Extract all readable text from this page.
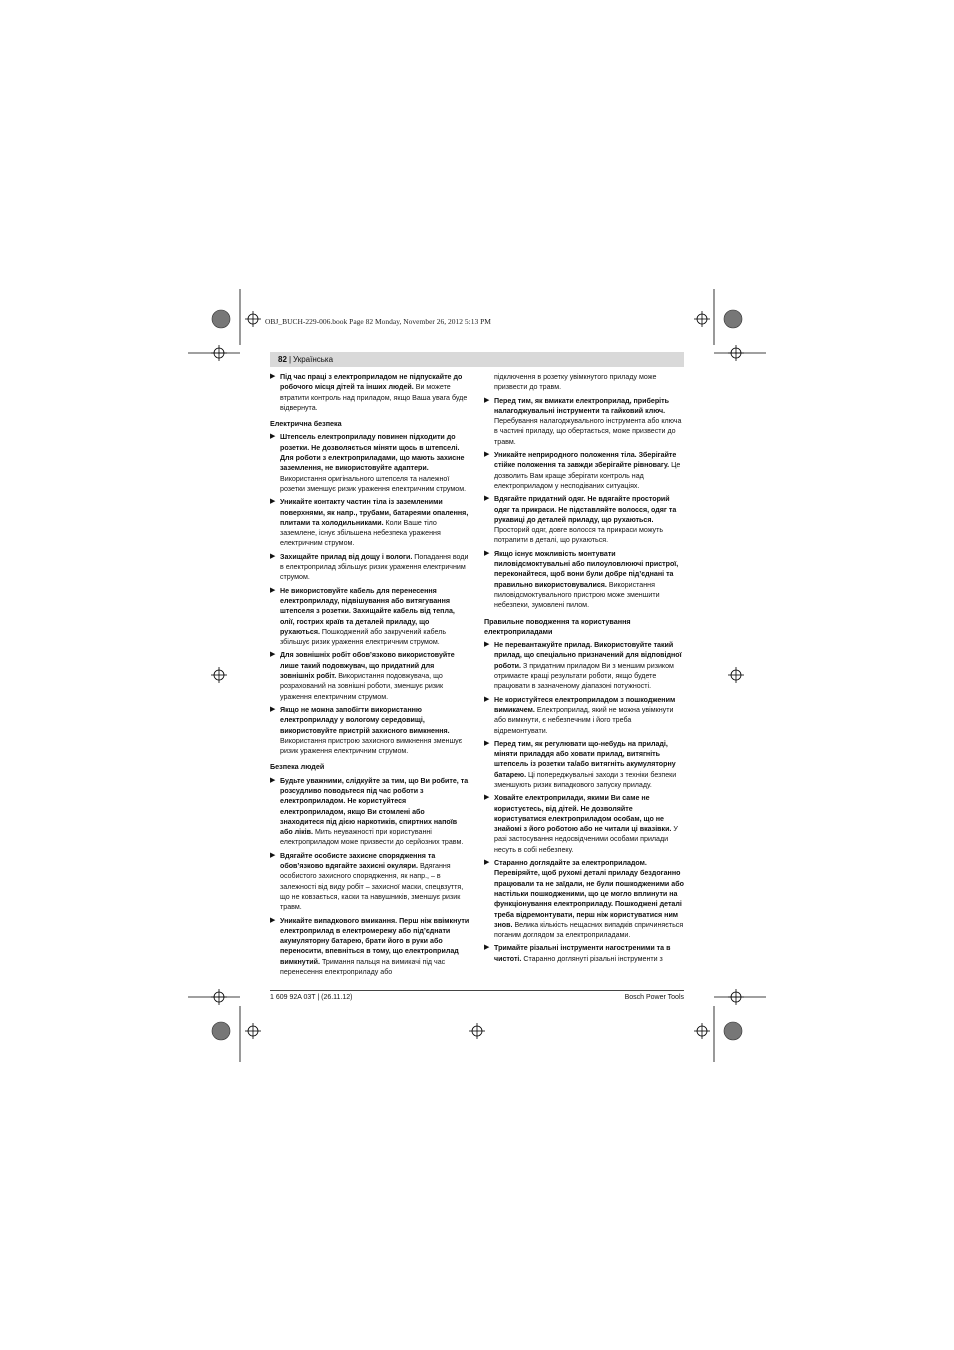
OBJ_BUCH-229-006.book Page 82 Monday, November 26, 2012 5:13 PM
82 | Українська
▶ Під час праці з електроприладом не підпускайте до робочого місця дітей та інших людей. Ви можете втратити контроль над приладом, якщо Ваша увага буде відвернута.
Електрична безпека
▶ Штепсель електроприладу повинен підходити до розетки. Не дозволяється міняти щось в штепселі. Для роботи з електроприладами, що мають захисне заземлення, не використовуйте адаптери. Використання оригінального штепселя та належної розетки зменшує ризик ураження електричним струмом.
▶ Уникайте контакту частин тіла із заземленими поверхнями, як напр., трубами, батареями опалення, плитами та холодильниками. Коли Ваше тіло заземлене, існує збільшена небезпека ураження електричним струмом.
▶ Захищайте прилад від дощу і вологи. Попадання води в електроприлад збільшує ризик ураження електричним струмом.
▶ Не використовуйте кабель для перенесення електроприладу, підвішування або витягування штепселя з розетки. Захищайте кабель від тепла, олії, гострих країв та деталей приладу, що рухаються. Пошкоджений або закручений кабель збільшує ризик ураження електричним струмом.
▶ Для зовнішніх робіт обов’язково використовуйте лише такий подовжувач, що придатний для зовнішніх робіт. Використання подовжувача, що розрахований на зовнішні роботи, зменшує ризик ураження електричним струмом.
▶ Якщо не можна запобігти використанню електроприладу у вологому середовищі, використовуйте пристрій захисного вимкнення. Використання пристрою захисного вимкнення зменшує ризик ураження електричним струмом.
Безпека людей
▶ Будьте уважними, слідкуйте за тим, що Ви робите, та розсудливо поводьтеся під час роботи з електроприладом. Не користуйтеся електроприладом, якщо Ви стомлені або знаходитеся під дією наркотиків, спиртних напоїв або ліків. Мить неуважності при користуванні електроприладом може призвести до серйозних травм.
▶ Вдягайте особисте захисне спорядження та обов’язково вдягайте захисні окуляри. Вдягання особистого захисного спорядження, як напр., – в залежності від виду робіт – захисної маски, спецвзуття, що не ковзається, каски та навушників, зменшує ризик травм.
▶ Уникайте випадкового вмикання. Перш ніж ввімкнути електроприлад в електромережу або під’єднати акумуляторну батарею, брати його в руки або переносити, впевніться в тому, що електроприлад вимкнутий. Тримання пальця на вимикачі під час перенесення електроприладу або
підключення в розетку увімкнутого приладу може призвести до травм.
▶ Перед тим, як вмикати електроприлад, приберіть налагоджувальні інструменти та гайковий ключ. Перебування налагоджувального інструмента або ключа в частині приладу, що обертається, може призвести до травм.
▶ Уникайте неприродного положення тіла. Зберігайте стійке положення та завжди зберігайте рівновагу. Це дозволить Вам краще зберігати контроль над електроприладом у несподіваних ситуаціях.
▶ Вдягайте придатний одяг. Не вдягайте просторий одяг та прикраси. Не підставляйте волосся, одяг та рукавиці до деталей приладу, що рухаються. Просторий одяг, довге волосся та прикраси можуть потрапити в деталі, що рухаються.
▶ Якщо існує можливість монтувати пиловідсмоктувальні або пилоуловлюючі пристрої, переконайтеся, щоб вони були добре під’єднані та правильно використовувалися. Використання пиловідсмоктувального пристрою може зменшити небезпеки, зумовлені пилом.
Правильне поводження та користування електроприладами
▶ Не перевантажуйте прилад. Використовуйте такий прилад, що спеціально призначений для відповідної роботи. З придатним приладом Ви з меншим ризиком отримаєте кращі результати роботи, якщо будете працювати в зазначеному діапазоні потужності.
▶ Не користуйтеся електроприладом з пошкодженим вимикачем. Електроприлад, який не можна увімкнути або вимкнути, є небезпечним і його треба відремонтувати.
▶ Перед тим, як регулювати що-небудь на приладі, міняти приладдя або ховати прилад, витягніть штепсель із розетки та/або витягніть акумуляторну батарею. Ці попереджувальні заходи з техніки безпеки зменшують ризик випадкового запуску приладу.
▶ Ховайте електроприлади, якими Ви саме не користуєтесь, від дітей. Не дозволяйте користуватися електроприладом особам, що не знайомі з його роботою або не читали ці вказівки. У разі застосування недосвідченими особами прилади несуть в собі небезпеку.
▶ Старанно доглядайте за електроприладом. Перевіряйте, щоб рухомі деталі приладу бездоганно працювали та не заїдали, не були пошкодженими або настільки пошкодженими, що це могло вплинути на функціонування електроприладу. Пошкоджені деталі треба відремонтувати, перш ніж користуватися ним знов. Велика кількість нещасних випадків спричиняється поганим доглядом за електроприладами.
▶ Тримайте різальні інструменти нагостреними та в чистоті. Старанно доглянуті різальні інструменти з
1 609 92A 03T | (26.11.12)	Bosch Power Tools
